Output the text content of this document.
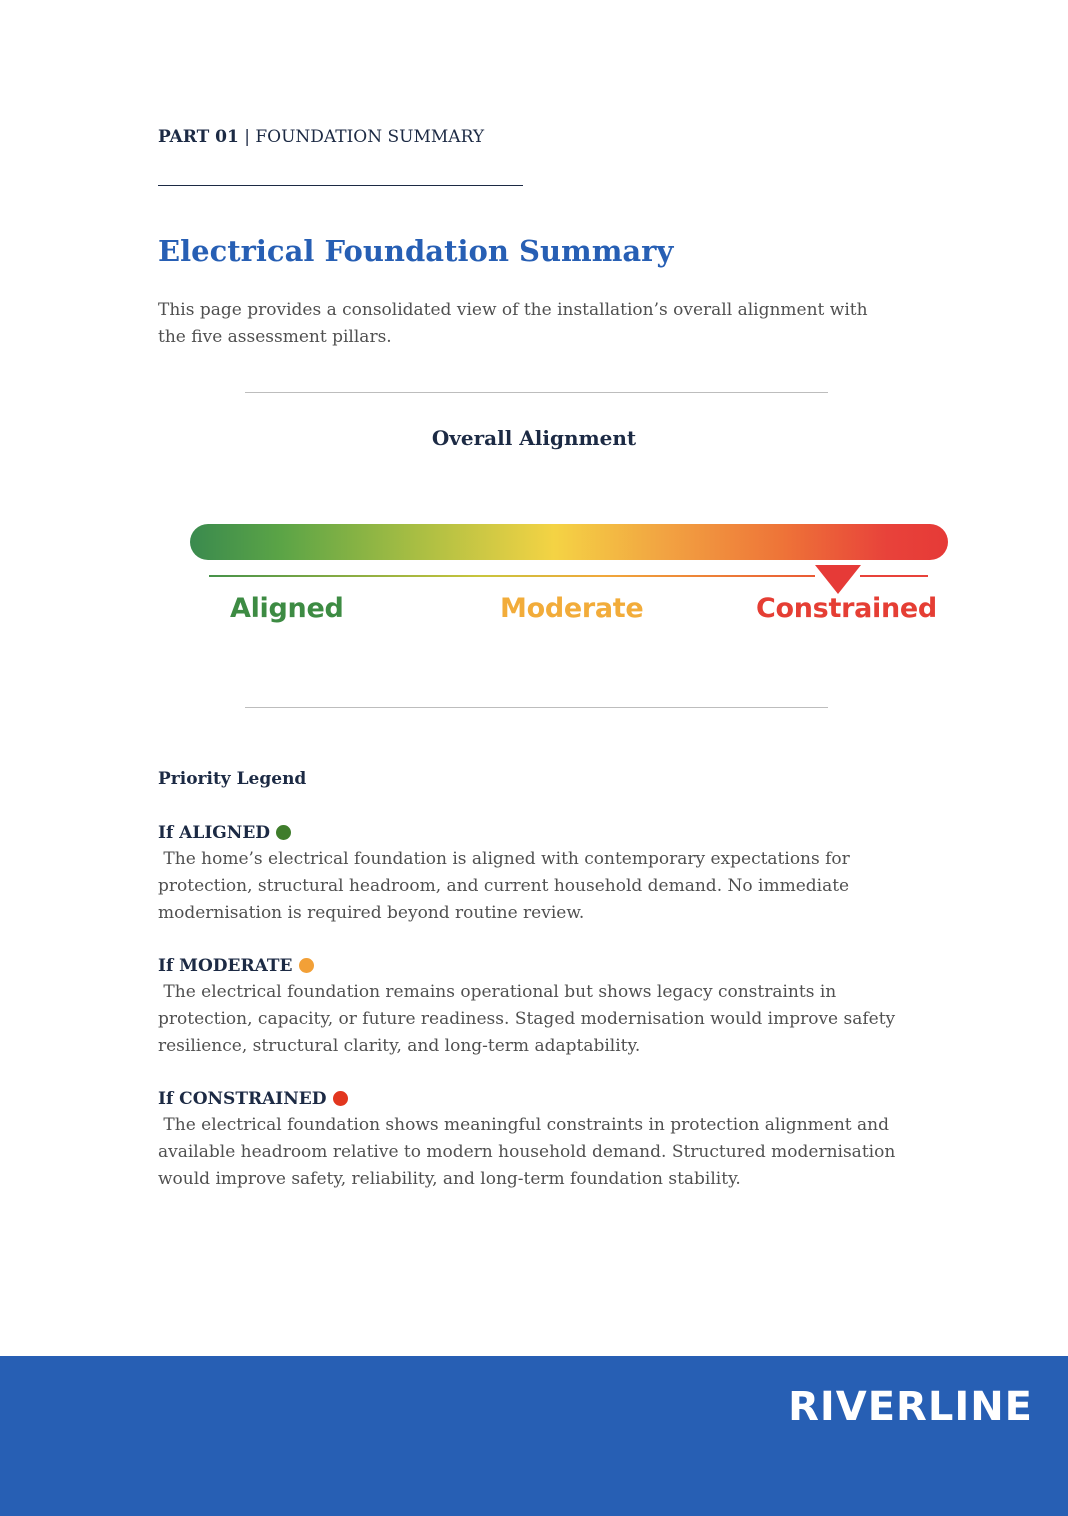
PART 01 | FOUNDATION SUMMARY
Electrical Foundation Summary

This page provides a consolidated view of the installation’s overall alignment with the five assessment pillars.

Overall Alignment
Aligned	Moderate	Constrained
Priority Legend
If ALIGNED

The home’s electrical foundation is aligned with contemporary expectations for protection, structural headroom, and current household demand. No immediate modernisation is required beyond routine review.

If MODERATE

The electrical foundation remains operational but shows legacy constraints in protection, capacity, or future readiness. Staged modernisation would improve safety resilience, structural clarity, and long-term adaptability.

If CONSTRAINED

The electrical foundation shows meaningful constraints in protection alignment and available headroom relative to modern household demand. Structured modernisation would improve safety, reliability, and long-term foundation stability.

RIVERLINE
